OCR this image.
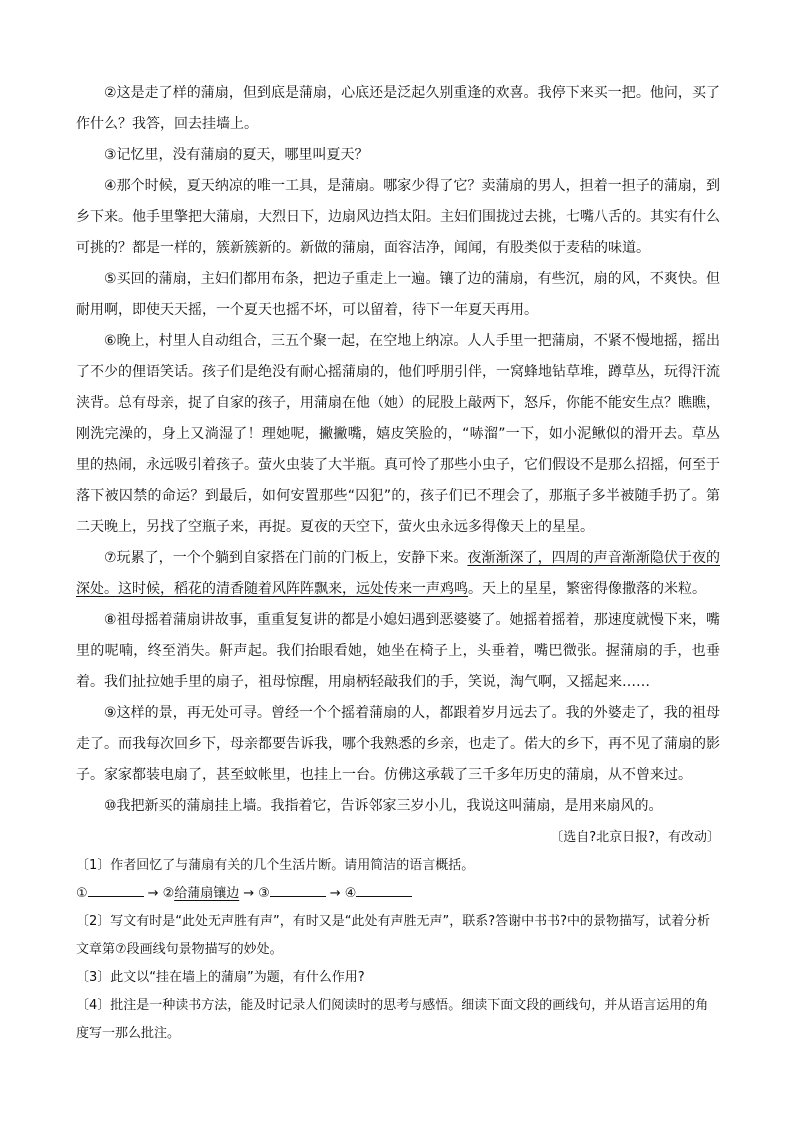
②这是走了样的蒲扇，但到底是蒲扇，心底还是泛起久别重逢的欢喜。我停下来买一把。他问，买了作什么？我答，回去挂墙上。

③记忆里，没有蒲扇的夏天，哪里叫夏天？

④那个时候，夏天纳凉的唯一工具，是蒲扇。哪家少得了它？卖蒲扇的男人，担着一担子的蒲扇，到乡下来。他手里擎把大蒲扇，大烈日下，边扇风边挡太阳。主妇们围拢过去挑，七嘴八舌的。其实有什么可挑的？都是一样的，簇新簇新的。新做的蒲扇，面容洁净，闻闻，有股类似于麦秸的味道。

⑤买回的蒲扇，主妇们都用布条，把边子重走上一遍。镶了边的蒲扇，有些沉，扇的风，不爽快。但耐用啊，即使天天摇，一个夏天也摇不坏，可以留着，待下一年夏天再用。

⑥晚上，村里人自动组合，三五个聚一起，在空地上纳凉。人人手里一把蒲扇，不紧不慢地摇，摇出了不少的俚语笑话。孩子们是绝没有耐心摇蒲扇的，他们呼朋引伴，一窝蜂地钻草堆，蹲草丛，玩得汗流浃背。总有母亲，捉了自家的孩子，用蒲扇在他（她）的屁股上敲两下，怒斥，你能不能安生点？瞧瞧，刚洗完澡的，身上又淌湿了！理她呢，撇撇嘴，嬉皮笑脸的，“哧溜”一下，如小泥鳅似的滑开去。草丛里的热闹，永远吸引着孩子。萤火虫装了大半瓶。真可怜了那些小虫子，它们假设不是那么招摇，何至于落下被囚禁的命运？到最后，如何安置那些“囚犯”的，孩子们已不理会了，那瓶子多半被随手扔了。第二天晚上，另找了空瓶子来，再捉。夏夜的天空下，萤火虫永远多得像天上的星星。

⑦玩累了，一个个躺到自家搭在门前的门板上，安静下来。夜渐渐深了，四周的声音渐渐隐伏于夜的深处。这时候，稻花的清香随着风阵阵飘来，远处传来一声鸡鸣。天上的星星，繁密得像撒落的米粒。

⑧祖母摇着蒲扇讲故事，重重复复讲的都是小媳妇遇到恶婆婆了。她摇着摇着，那速度就慢下来，嘴里的呢喃，终至消失。鼾声起。我们抬眼看她，她坐在椅子上，头垂着，嘴巴微张。握蒲扇的手，也垂着。我们扯拉她手里的扇子，祖母惊醒，用扇柄轻敲我们的手，笑说，淘气啊，又摇起来……

⑨这样的景，再无处可寻。曾经一个个摇着蒲扇的人，都跟着岁月远去了。我的外婆走了，我的祖母走了。而我每次回乡下，母亲都要告诉我，哪个我熟悉的乡亲，也走了。偌大的乡下，再不见了蒲扇的影子。家家都装电扇了，甚至蚊帐里，也挂上一台。仿佛这承载了三千多年历史的蒲扇，从不曾来过。

⑩我把新买的蒲扇挂上墙。我指着它，告诉邻家三岁小儿，我说这叫蒲扇，是用来扇风的。

〔选自?北京日报?，有改动〕

〔1〕作者回忆了与蒲扇有关的几个生活片断。请用简洁的语言概括。

①	→ ②给蒲扇镶边 → ③	→ ④

〔2〕写文有时是“此处无声胜有声”，有时又是“此处有声胜无声”，联系?答谢中书书?中的景物描写，试着分析文章第⑦段画线句景物描写的妙处。

〔3〕此文以“挂在墙上的蒲扇”为题，有什么作用?

〔4〕批注是一种读书方法，能及时记录人们阅读时的思考与感悟。细读下面文段的画线句，并从语言运用的角度写一那么批注。
